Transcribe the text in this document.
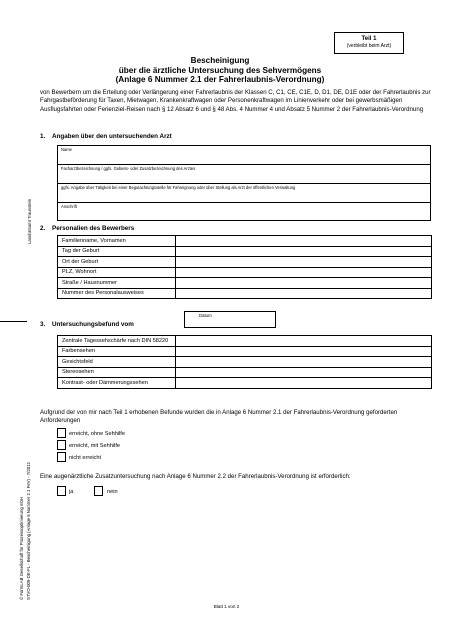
Landratsamt Traunstein
© FormLAB Gesellschaft für Prozessoptimierung mbH STVO-005-DE-FL - Bescheinigung (Anlage 6 Nummer 2.1 FeV) - 7/2012
Teil 1
(verbleibt beim Arzt)
Bescheinigung
über die ärztliche Untersuchung des Sehvermögens
(Anlage 6 Nummer 2.1 der Fahrerlaubnis-Verordnung)
von Bewerbern um die Erteilung oder Verlängerung einer Fahrerlaubnis der Klassen C, C1, CE, C1E, D, D1, DE, D1E oder der Fahrerlaubnis zur Fahrgastbeförderung für Taxen, Mietwagen, Krankenkraftwagen oder Personenkraftwagen im Linienverkehr oder bei gewerbsmäßigen Ausflugsfahrten oder Ferienziel-Reisen nach § 12 Absatz 6 und § 48 Abs. 4 Nummer 4 und Absatz 5 Nummer 2 der Fahrerlaubnis-Verordnung
1. Angaben über den untersuchenden Arzt
Name
Facharztbezeichnung / ggfs. Gebiets- oder Zusatzbezeichnung des Arztes
ggfs. Angabe über Tätigkeit bei einer Begutachtungsstelle für Fahreignung oder über Stellung als Arzt der öffentlichen Verwaltung
Anschrift
2. Personalien des Bewerbers
Familienname, Vornamen	
Tag der Geburt	
Ort der Geburt	
PLZ, Wohnort	
Straße / Hausnummer	
Nummer des Personalausweises	
3. Untersuchungsbefund vom
Datum
Zentrale Tagessehschärfe nach DIN 58220	
Farbensehen	
Gesichtsfeld	
Stereosehen	
Kontrast- oder Dämmerungssehen	
Aufgrund der von mir nach Teil 1 erhobenen Befunde wurden die in Anlage 6 Nummer 2.1 der Fahrerlaubnis-Verordnung geforderten Anforderungen
erreicht, ohne Sehhilfe
erreicht, mit Sehhilfe
nicht erreicht
Eine augenärztliche Zusatzuntersuchung nach Anlage 6 Nummer 2.2 der Fahrerlaubnis-Verordnung ist erforderlich:
ja	nein
Blatt 1 von 2
